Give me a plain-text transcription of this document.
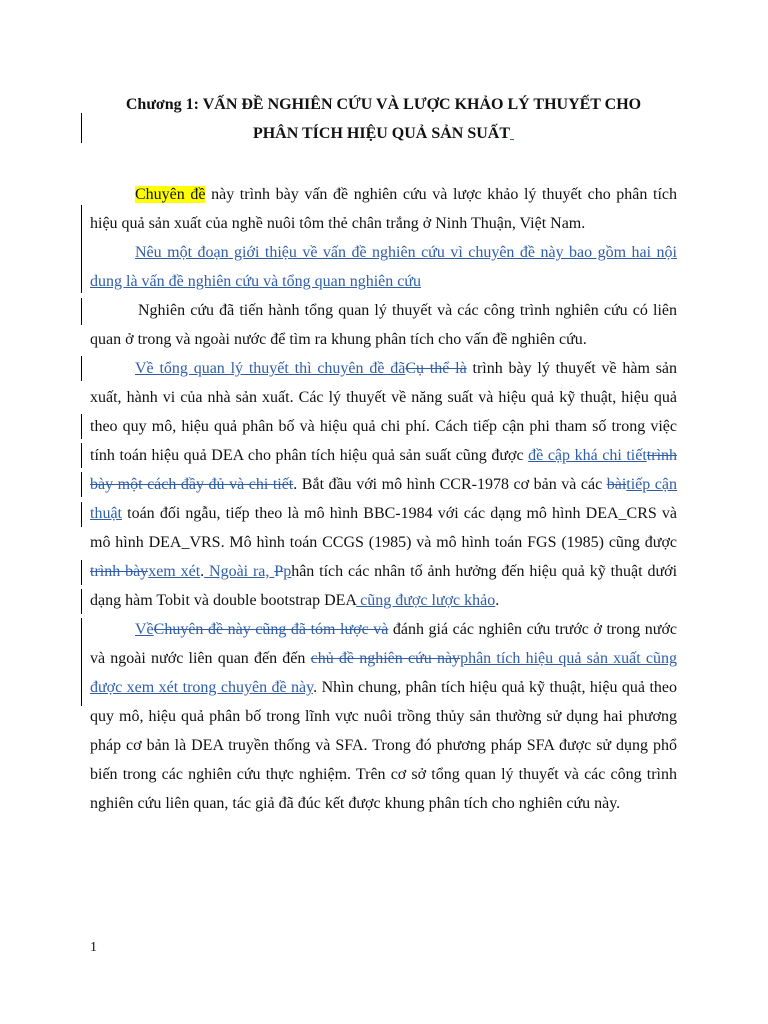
Chương 1: VẤN ĐỀ NGHIÊN CỨU VÀ LƯỢC KHẢO LÝ THUYẾT CHO
PHÂN TÍCH HIỆU QUẢ SẢN SUẤT

Chuyên đề này trình bày vấn đề nghiên cứu và lược khảo lý thuyết cho phân tích hiệu quả sản xuất của nghề nuôi tôm thẻ chân trắng ở Ninh Thuận, Việt Nam.

Nêu một đoạn giới thiệu về vấn đề nghiên cứu vì chuyên đề này bao gồm hai nội dung là vấn đề nghiên cứu và tổng quan nghiên cứu

Nghiên cứu đã tiến hành tổng quan lý thuyết và các công trình nghiên cứu có liên quan ở trong và ngoài nước để tìm ra khung phân tích cho vấn đề nghiên cứu.

Về tổng quan lý thuyết thì chuyên đề đãCụ thể là trình bày lý thuyết về hàm sản xuất, hành vi của nhà sản xuất. Các lý thuyết về năng suất và hiệu quả kỹ thuật, hiệu quả theo quy mô, hiệu quả phân bố và hiệu quả chi phí. Cách tiếp cận phi tham số trong việc tính toán hiệu quả DEA cho phân tích hiệu quả sản suất cũng được đề cập khá chi tiếttrình bày một cách đầy đủ và chi tiết. Bắt đầu với mô hình CCR-1978 cơ bản và các bàitiếp cận thuật toán đối ngẫu, tiếp theo là mô hình BBC-1984 với các dạng mô hình DEA_CRS và mô hình DEA_VRS. Mô hình toán CCGS (1985) và mô hình toán FGS (1985) cũng được trình bàyxem xét. Ngoài ra, Pphân tích các nhân tố ảnh hưởng đến hiệu quả kỹ thuật dưới dạng hàm Tobit và double bootstrap DEA cũng được lược khảo.

VềChuyên đề này cũng đã tóm lược và đánh giá các nghiên cứu trước ở trong nước và ngoài nước liên quan đến đến chủ đề nghiên cứu nàyphân tích hiệu quả sản xuất cũng được xem xét trong chuyên đề này. Nhìn chung, phân tích hiệu quả kỹ thuật, hiệu quả theo quy mô, hiệu quả phân bố trong lĩnh vực nuôi trồng thủy sản thường sử dụng hai phương pháp cơ bản là DEA truyền thống và SFA. Trong đó phương pháp SFA được sử dụng phổ biến trong các nghiên cứu thực nghiệm. Trên cơ sở tổng quan lý thuyết và các công trình nghiên cứu liên quan, tác giả đã đúc kết được khung phân tích cho nghiên cứu này.

1
